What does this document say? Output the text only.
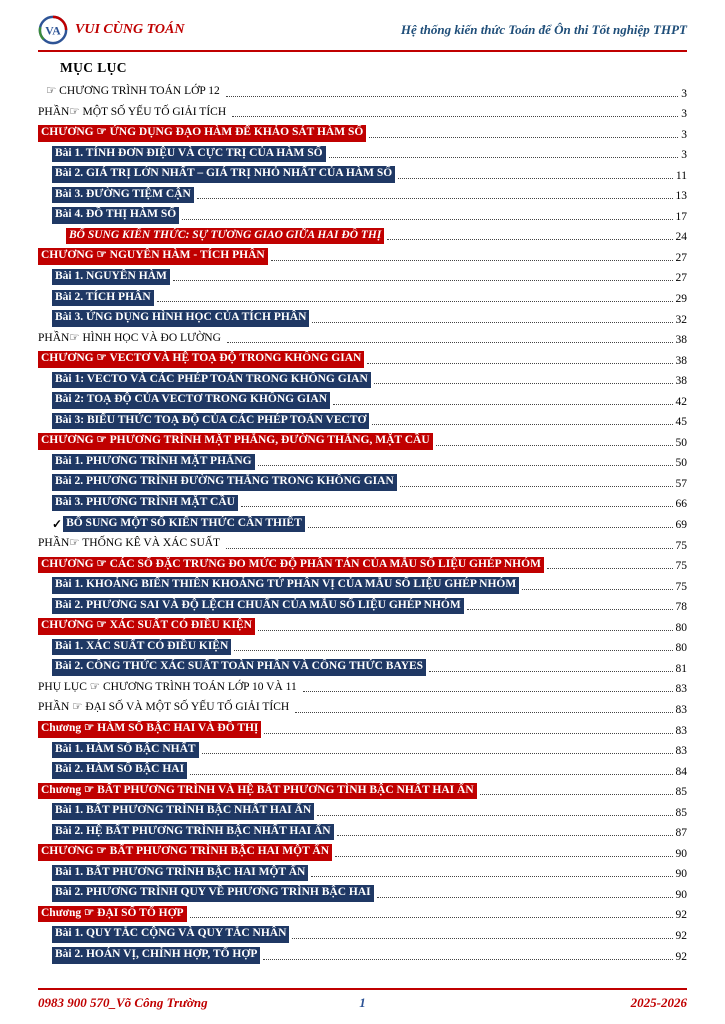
VA VUI CÙNG TOÁN	Hệ thống kiến thức Toán để Ôn thi Tốt nghiệp THPT
MỤC LỤC
☞ CHƯƠNG TRÌNH TOÁN LỚP 12	3
PHẦN☞ MỘT SỐ YẾU TỐ GIẢI TÍCH	3
CHƯƠNG ☞ ỨNG DỤNG ĐẠO HÀM ĐỂ KHẢO SÁT HÀM SỐ	3
Bài 1. TÍNH ĐƠN ĐIỆU VÀ CỰC TRỊ CỦA HÀM SỐ	3
Bài 2. GIÁ TRỊ LỚN NHẤT – GIÁ TRỊ NHỎ NHẤT CỦA HÀM SỐ	11
Bài 3. ĐƯỜNG TIỆM CẬN	13
Bài 4. ĐỒ THỊ HÀM SỐ	17
BỔ SUNG KIẾN THỨC: SỰ TƯƠNG GIAO GIỮA HAI ĐỒ THỊ	24
CHƯƠNG ☞ NGUYÊN HÀM - TÍCH PHÂN	27
Bài 1. NGUYÊN HÀM	27
Bài 2. TÍCH PHÂN	29
Bài 3. ỨNG DỤNG HÌNH HỌC CỦA TÍCH PHÂN	32
PHẦN☞ HÌNH HỌC VÀ ĐO LƯỜNG	38
CHƯƠNG ☞ VECTƠ VÀ HỆ TOẠ ĐỘ TRONG KHÔNG GIAN	38
Bài 1: VECTO VÀ CÁC PHÉP TOÁN TRONG KHÔNG GIAN	38
Bài 2: TOẠ ĐỘ CỦA VECTƠ TRONG KHÔNG GIAN	42
Bài 3: BIỂU THỨC TOẠ ĐỘ CỦA CÁC PHÉP TOÁN VECTƠ	45
CHƯƠNG ☞ PHƯƠNG TRÌNH MẶT PHẲNG, ĐƯỜNG THẲNG, MẶT CẦU	50
Bài 1. PHƯƠNG TRÌNH MẶT PHẲNG	50
Bài 2. PHƯƠNG TRÌNH ĐƯỜNG THẲNG TRONG KHÔNG GIAN	57
Bài 3. PHƯƠNG TRÌNH MẶT CẦU	66
✓ BỔ SUNG MỘT SỐ KIẾN THỨC CẦN THIẾT	69
PHẦN☞ THỐNG KÊ VÀ XÁC SUẤT	75
CHƯƠNG ☞ CÁC SỐ ĐẶC TRƯNG ĐO MỨC ĐỘ PHÂN TÁN CỦA MẪU SỐ LIỆU GHÉP NHÓM	75
Bài 1. KHOẢNG BIẾN THIÊN KHOẢNG TỨ PHÂN VỊ CỦA MẪU SỐ LIỆU GHÉP NHÓM	75
Bài 2. PHƯƠNG SAI VÀ ĐỘ LỆCH CHUẨN CỦA MẪU SỐ LIỆU GHÉP NHÓM	78
CHƯƠNG ☞ XÁC SUẤT CÓ ĐIỀU KIỆN	80
Bài 1. XÁC SUẤT CÓ ĐIỀU KIỆN	80
Bài 2. CÔNG THỨC XÁC SUẤT TOÀN PHẦN VÀ CÔNG THỨC BAYES	81
PHỤ LỤC ☞ CHƯƠNG TRÌNH TOÁN LỚP 10 VÀ 11	83
PHẦN ☞ ĐẠI SỐ VÀ MỘT SỐ YẾU TỐ GIẢI TÍCH	83
Chương ☞ HÀM SỐ BẬC HAI VÀ ĐỒ THỊ	83
Bài 1. HÀM SỐ BẬC NHẤT	83
Bài 2. HÀM SỐ BẬC HAI	84
Chương ☞ BẤT PHƯƠNG TRÌNH VÀ HỆ BẤT PHƯƠNG TÌNH BẬC NHẤT HAI ẨN	85
Bài 1. BẤT PHƯƠNG TRÌNH BẬC NHẤT HAI ẨN	85
Bài 2. HỆ BẤT PHƯƠNG TRÌNH BẬC NHẤT HAI ẨN	87
CHƯƠNG ☞ BẤT PHƯƠNG TRÌNH BẬC HAI MỘT ẨN	90
Bài 1. BẤT PHƯƠNG TRÌNH BẬC HAI MỘT ẨN	90
Bài 2. PHƯƠNG TRÌNH QUY VỀ PHƯƠNG TRÌNH BẬC HAI	90
Chương ☞ ĐẠI SỐ TỔ HỢP	92
Bài 1. QUY TẮC CỘNG VÀ QUY TẮC NHÂN	92
Bài 2. HOÁN VỊ, CHỈNH HỢP, TỔ HỢP	92
0983 900 570_Võ Công Trường	1	2025-2026
